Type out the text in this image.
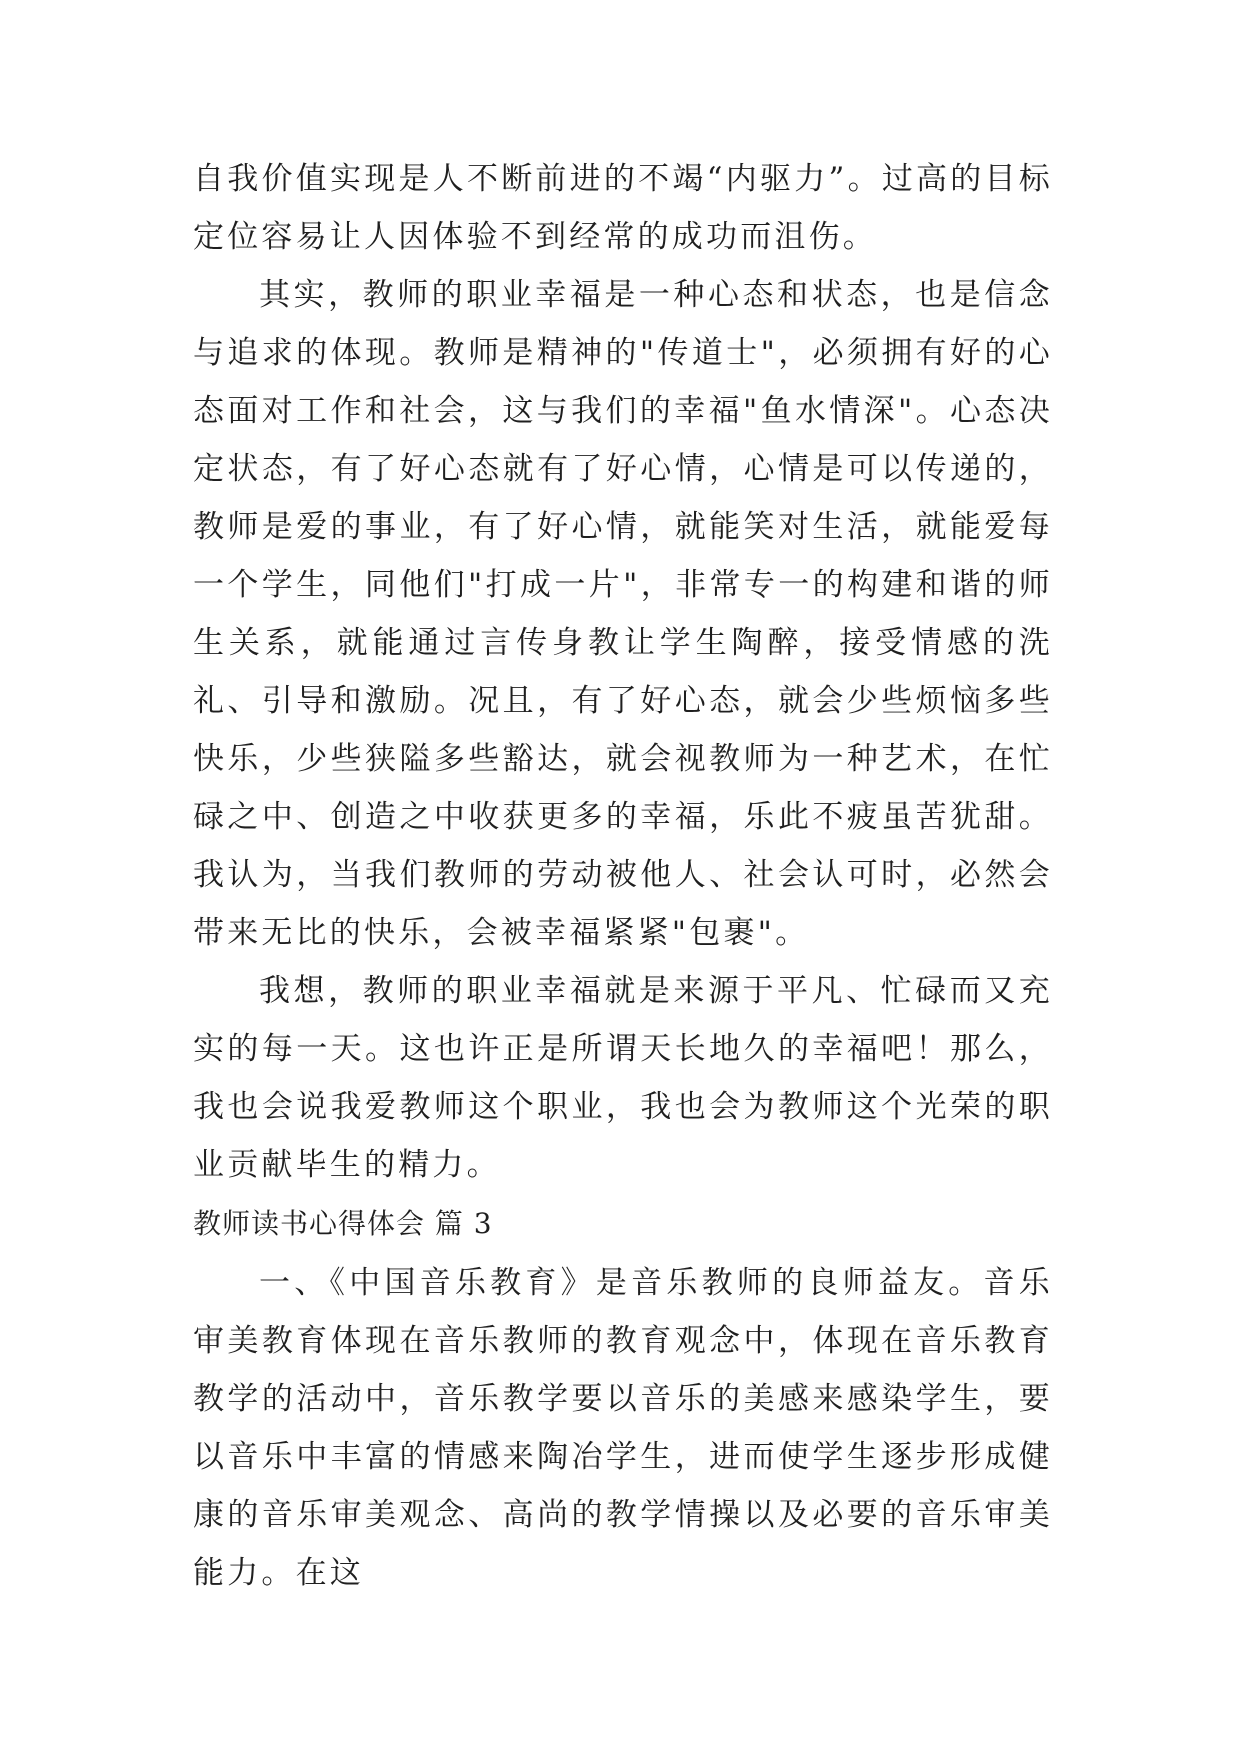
自我价值实现是人不断前进的不竭“内驱力”。过高的目标定位容易让人因体验不到经常的成功而沮伤。

其实，教师的职业幸福是一种心态和状态，也是信念与追求的体现。教师是精神的"传道士"，必须拥有好的心态面对工作和社会，这与我们的幸福"鱼水情深"。心态决定状态，有了好心态就有了好心情，心情是可以传递的，教师是爱的事业，有了好心情，就能笑对生活，就能爱每一个学生，同他们"打成一片"，非常专一的构建和谐的师生关系，就能通过言传身教让学生陶醉，接受情感的洗礼、引导和激励。况且，有了好心态，就会少些烦恼多些快乐，少些狭隘多些豁达，就会视教师为一种艺术，在忙碌之中、创造之中收获更多的幸福，乐此不疲虽苦犹甜。我认为，当我们教师的劳动被他人、社会认可时，必然会带来无比的快乐，会被幸福紧紧"包裹"。

我想，教师的职业幸福就是来源于平凡、忙碌而又充实的每一天。这也许正是所谓天长地久的幸福吧！那么，我也会说我爱教师这个职业，我也会为教师这个光荣的职业贡献毕生的精力。

教师读书心得体会 篇 3

一、《中国音乐教育》是音乐教师的良师益友。音乐审美教育体现在音乐教师的教育观念中，体现在音乐教育教学的活动中，音乐教学要以音乐的美感来感染学生，要以音乐中丰富的情感来陶冶学生，进而使学生逐步形成健康的音乐审美观念、高尚的教学情操以及必要的音乐审美能力。在这
